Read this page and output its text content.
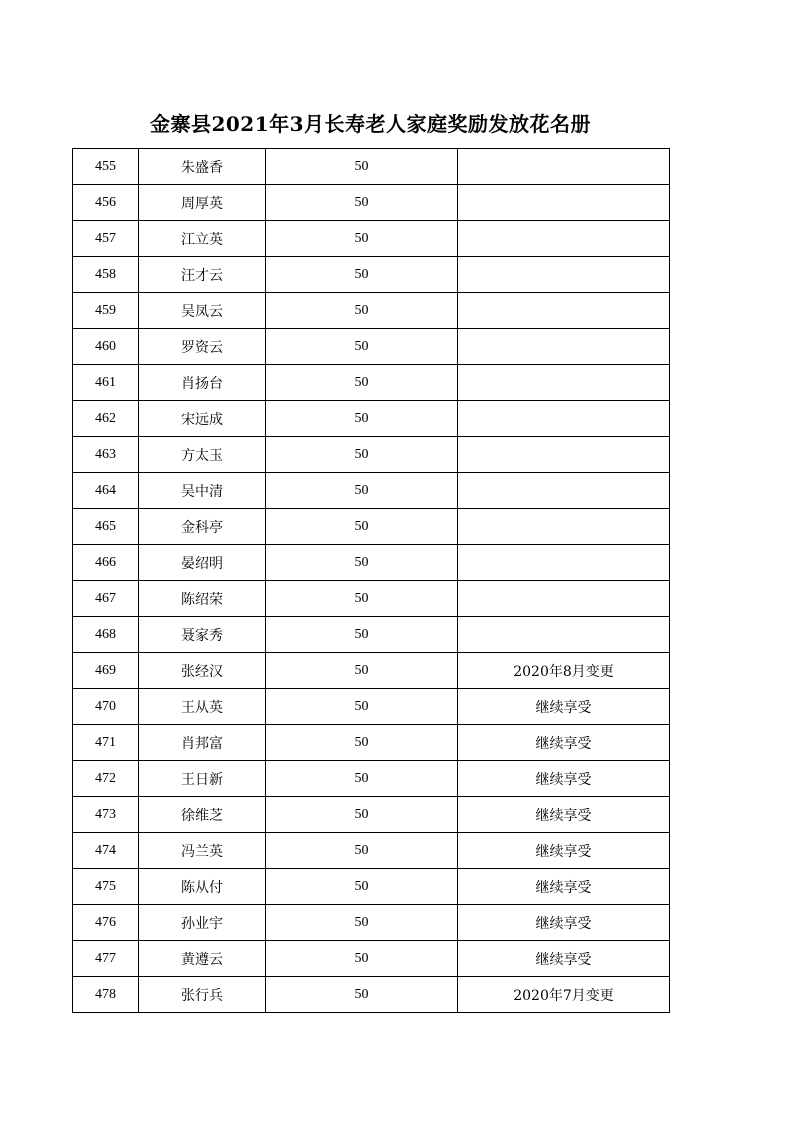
金寨县2021年3月长寿老人家庭奖励发放花名册
455	朱盛香	50	
456	周厚英	50	
457	江立英	50	
458	汪才云	50	
459	吴凤云	50	
460	罗资云	50	
461	肖扬台	50	
462	宋远成	50	
463	方太玉	50	
464	吴中清	50	
465	金科亭	50	
466	晏绍明	50	
467	陈绍荣	50	
468	聂家秀	50	
469	张经汉	50	2020年8月变更
470	王从英	50	继续享受
471	肖邦富	50	继续享受
472	王日新	50	继续享受
473	徐维芝	50	继续享受
474	冯兰英	50	继续享受
475	陈从付	50	继续享受
476	孙业宇	50	继续享受
477	黄遵云	50	继续享受
478	张行兵	50	2020年7月变更
